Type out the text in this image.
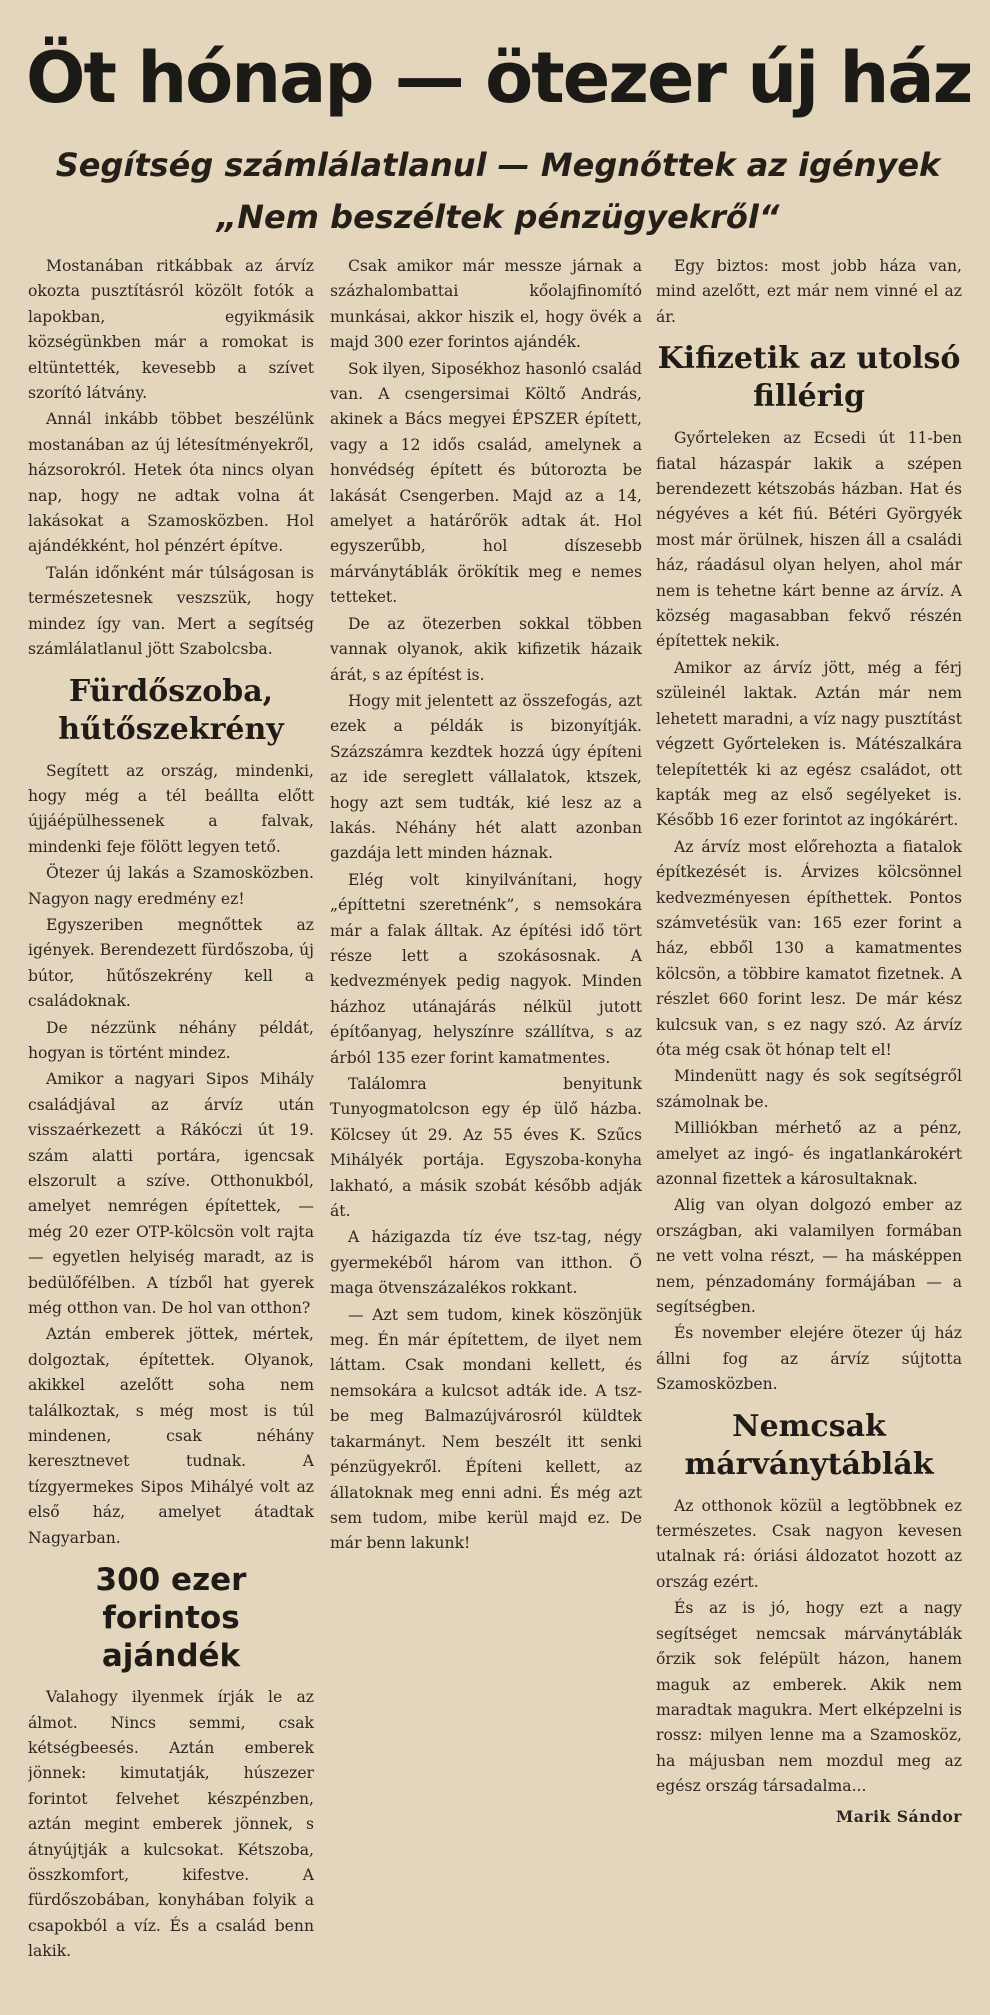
Öt hónap — ötezer új ház
Segítség számlálatlanul — Megnőttek az igények
„Nem beszéltek pénzügyekről“

Mostanában ritkábbak az árvíz okozta pusztításról közölt fotók a lapokban, egyikmásik községünkben már a romokat is eltüntették, kevesebb a szívet szorító látvány.

Annál inkább többet beszélünk mostanában az új létesítményekről, házsorokról. Hetek óta nincs olyan nap, hogy ne adtak volna át lakásokat a Szamosközben. Hol ajándékként, hol pénzért építve.

Talán időnként már túlságosan is természetesnek veszszük, hogy mindez így van. Mert a segítség számlálatlanul jött Szabolcsba.

Fürdőszoba, hűtőszekrény

Segített az ország, mindenki, hogy még a tél beállta előtt újjáépülhessenek a falvak, mindenki feje fölött legyen tető.

Ötezer új lakás a Szamosközben. Nagyon nagy eredmény ez!

Egyszeriben megnőttek az igények. Berendezett fürdőszoba, új bútor, hűtőszekrény kell a családoknak.

De nézzünk néhány példát, hogyan is történt mindez.

Amikor a nagyari Sipos Mihály családjával az árvíz után visszaérkezett a Rákóczi út 19. szám alatti portára, igencsak elszorult a szíve. Otthonukból, amelyet nemrégen építettek, — még 20 ezer OTP-kölcsön volt rajta — egyetlen helyiség maradt, az is bedülőfélben. A tízből hat gyerek még otthon van. De hol van otthon?

Aztán emberek jöttek, mértek, dolgoztak, építettek. Olyanok, akikkel azelőtt soha nem találkoztak, s még most is túl mindenen, csak néhány keresztnevet tudnak. A tízgyermekes Sipos Mihályé volt az első ház, amelyet átadtak Nagyarban.

300 ezer forintos ajándék

Valahogy ilyenmek írják le az álmot. Nincs semmi, csak kétségbeesés. Aztán emberek jönnek: kimutatják, húszezer forintot felvehet készpénzben, aztán megint emberek jönnek, s átnyújtják a kulcsokat. Kétszoba, összkomfort, kifestve. A fürdőszobában, konyhában folyik a csapokból a víz. És a család benn lakik.

Csak amikor már messze járnak a százhalombattai kőolajfinomító munkásai, akkor hiszik el, hogy övék a majd 300 ezer forintos ajándék.

Sok ilyen, Siposékhoz hasonló család van. A csengersimai Költő András, akinek a Bács megyei ÉPSZER épített, vagy a 12 idős család, amelynek a honvédség épített és bútorozta be lakását Csengerben. Majd az a 14, amelyet a határőrök adtak át. Hol egyszerűbb, hol díszesebb márványtáblák örökítik meg e nemes tetteket.

De az ötezerben sokkal többen vannak olyanok, akik kifizetik házaik árát, s az építést is.

Hogy mit jelentett az összefogás, azt ezek a példák is bizonyítják. Százszámra kezdtek hozzá úgy építeni az ide sereglett vállalatok, ktszek, hogy azt sem tudták, kié lesz az a lakás. Néhány hét alatt azonban gazdája lett minden háznak.

Elég volt kinyilvánítani, hogy „építtetni szeretnénk”, s nemsokára már a falak álltak. Az építési idő tört része lett a szokásosnak. A kedvezmények pedig nagyok. Minden házhoz utánajárás nélkül jutott építőanyag, helyszínre szállítva, s az árból 135 ezer forint kamatmentes.

Találomra benyitunk Tunyogmatolcson egy ép ülő házba. Kölcsey út 29. Az 55 éves K. Szűcs Mihályék portája. Egyszoba-konyha lakható, a másik szobát később adják át.

A házigazda tíz éve tsz-tag, négy gyermekéből három van itthon. Ő maga ötvenszázalékos rokkant.

— Azt sem tudom, kinek köszönjük meg. Én már építettem, de ilyet nem láttam. Csak mondani kellett, és nemsokára a kulcsot adták ide. A tsz-be meg Balmazújvárosról küldtek takarmányt. Nem beszélt itt senki pénzügyekről. Építeni kellett, az állatoknak meg enni adni. És még azt sem tudom, mibe kerül majd ez. De már benn lakunk!

Egy biztos: most jobb háza van, mind azelőtt, ezt már nem vinné el az ár.

Kifizetik az utolsó fillérig

Győrteleken az Ecsedi út 11-ben fiatal házaspár lakik a szépen berendezett kétszobás házban. Hat és négyéves a két fiú. Bétéri Györgyék most már örülnek, hiszen áll a családi ház, ráadásul olyan helyen, ahol már nem is tehetne kárt benne az árvíz. A község magasabban fekvő részén építettek nekik.

Amikor az árvíz jött, még a férj szüleinél laktak. Aztán már nem lehetett maradni, a víz nagy pusztítást végzett Győrteleken is. Mátészalkára telepítették ki az egész családot, ott kapták meg az első segélyeket is. Később 16 ezer forintot az ingókárért.

Az árvíz most előrehozta a fiatalok építkezését is. Árvizes kölcsönnel kedvezményesen építhettek. Pontos számvetésük van: 165 ezer forint a ház, ebből 130 a kamatmentes kölcsön, a többire kamatot fizetnek. A részlet 660 forint lesz. De már kész kulcsuk van, s ez nagy szó. Az árvíz óta még csak öt hónap telt el!

Mindenütt nagy és sok segítségről számolnak be.

Milliókban mérhető az a pénz, amelyet az ingó- és ingatlankárokért azonnal fizettek a károsultaknak.

Alig van olyan dolgozó ember az országban, aki valamilyen formában ne vett volna részt, — ha másképpen nem, pénzadomány formájában — a segítségben.

És november elejére ötezer új ház állni fog az árvíz sújtotta Szamosközben.

Nemcsak márványtáblák

Az otthonok közül a legtöbbnek ez természetes. Csak nagyon kevesen utalnak rá: óriási áldozatot hozott az ország ezért.

És az is jó, hogy ezt a nagy segítséget nemcsak márványtáblák őrzik sok felépült házon, hanem maguk az emberek. Akik nem maradtak magukra. Mert elképzelni is rossz: milyen lenne ma a Szamosköz, ha májusban nem mozdul meg az egész ország társadalma...

Marik Sándor
